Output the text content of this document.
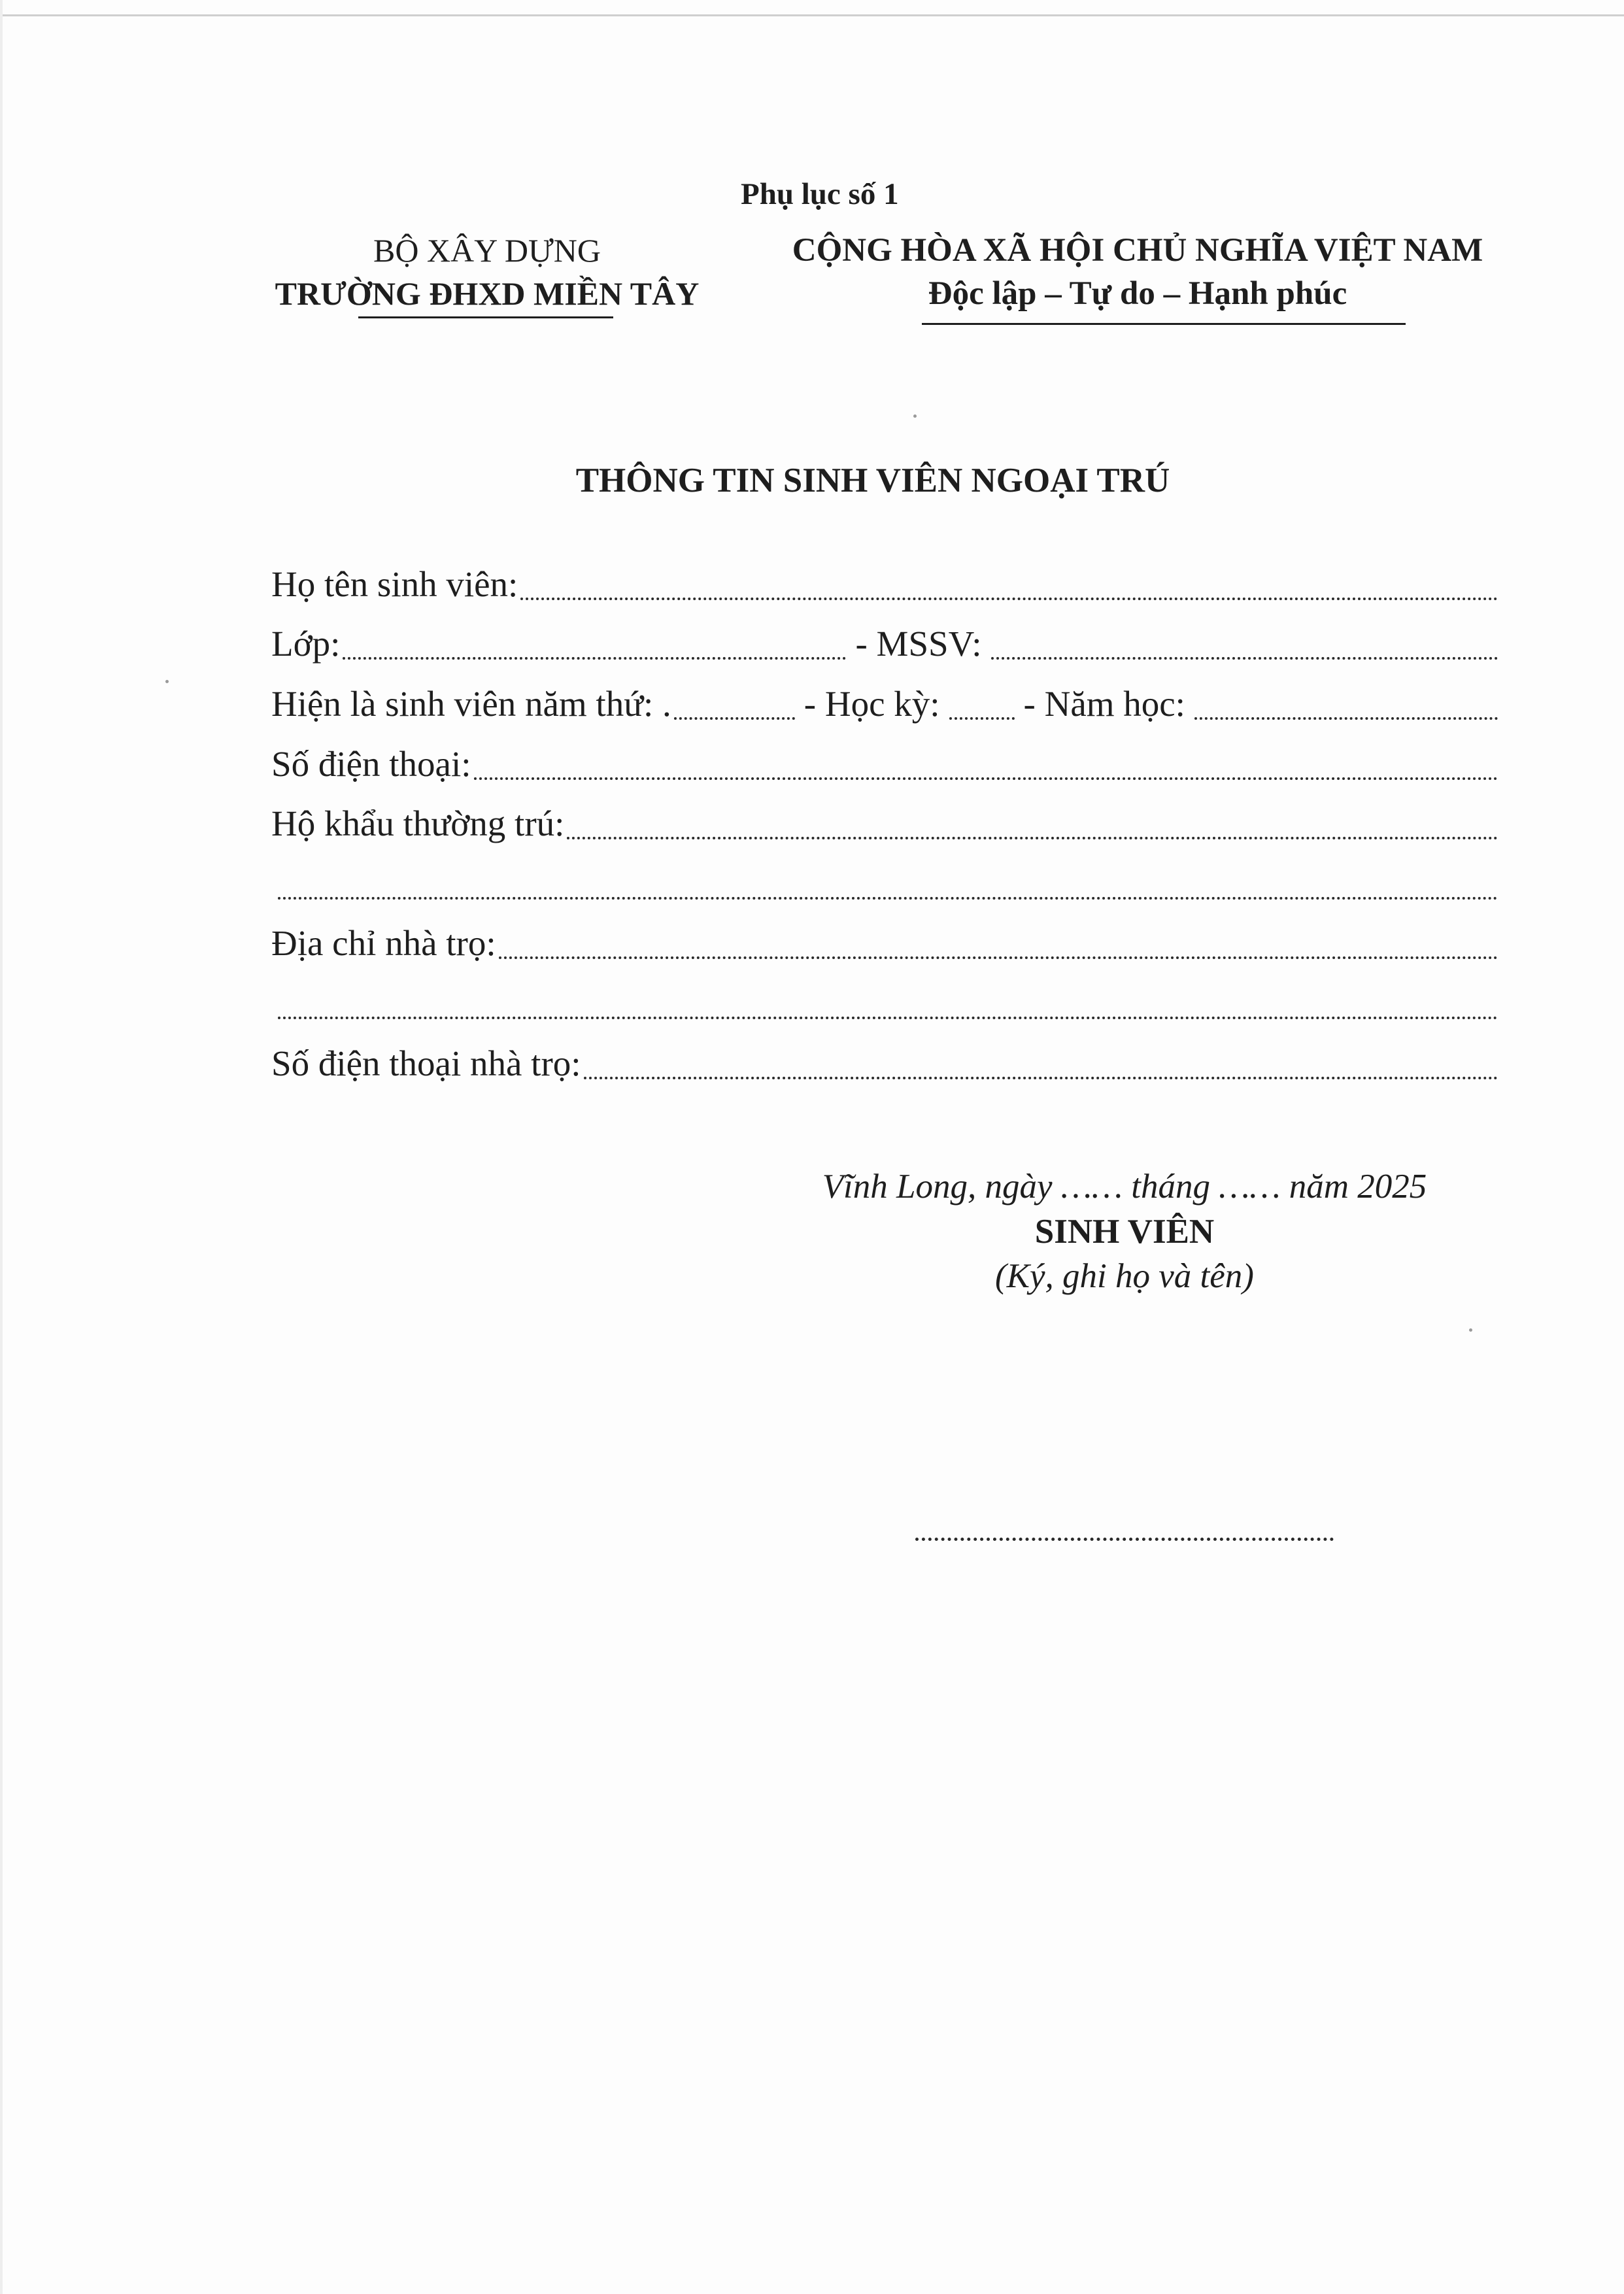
Phụ lục số 1
BỘ XÂY DỰNG
TRƯỜNG ĐHXD MIỀN TÂY
CỘNG HÒA XÃ HỘI CHỦ NGHĨA VIỆT NAM
Độc lập – Tự do – Hạnh phúc
THÔNG TIN SINH VIÊN NGOẠI TRÚ
Họ tên sinh viên:
Lớp:	- MSSV:
Hiện là sinh viên năm thứ: .	- Học kỳ: - Năm học:
Số điện thoại:
Hộ khẩu thường trú:
Địa chỉ nhà trọ:
Số điện thoại nhà trọ:
Vĩnh Long, ngày …… tháng …… năm 2025
SINH VIÊN
(Ký, ghi họ và tên)
